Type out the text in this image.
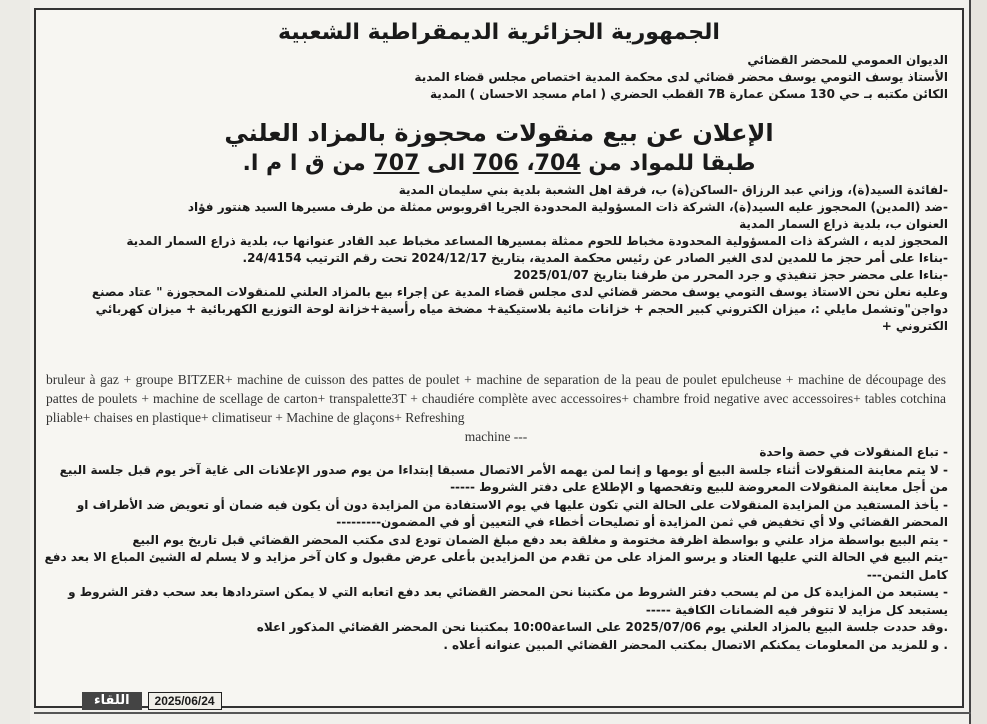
الجمهورية الجزائرية الديمقراطية الشعبية
الديوان العمومي للمحضر القضائي
الأستاذ يوسف التومي يوسف محضر قضائي لدى محكمة المدية اختصاص مجلس قضاء المدية
الكائن مكتبه بـ حي 130 مسكن عمارة 7B القطب الحضري ( امام مسجد الاحسان ) المدية
الإعلان عن بيع منقولات محجوزة بالمزاد العلني
طبقا للمواد من 704، 706 الى 707 من ق ا م ا.

-لفائدة السيد(ة)، وزاني عبد الرزاق -الساكن(ة) ب، فرقة اهل الشعبة بلدية بني سليمان المدية

-ضد (المدين) المحجوز عليه السيد(ة)، الشركة ذات المسؤولية المحدودة الجريا اقروبوس ممثلة من طرف مسيرها السيد هنتور فؤاد

العنوان ب، بلدية ذراع السمار المدية

المحجوز لديه ، الشركة ذات المسؤولية المحدودة مخباط للحوم ممثلة بمسيرها المساعد مخباط عبد القادر عنوانها ب، بلدية ذراع السمار المدية

-بناءا على أمر حجز ما للمدين لدى الغير الصادر عن رئيس محكمة المدية، بتاريخ 2024/12/17 تحت رقم الترتيب 24/4154.

-بناءا على محضر حجز تنفيذي و جرد المحرر من طرفنا بتاريخ 2025/01/07

وعليه نعلن نحن الاستاذ يوسف التومي يوسف محضر قضائي لدى مجلس قضاء المدية عن إجراء بيع بالمزاد العلني للمنقولات المحجوزة " عتاد مصنع دواجن"وتشمل مايلي :، ميزان الكتروني كبير الحجم + خزانات مائية بلاستيكية+ مضخة مياه رأسية+خزانة لوحة التوزيع الكهربائية + ميزان كهربائي الكتروني +

bruleur à gaz + groupe BITZER+ machine de cuisson des pattes de poulet + machine de separation de la peau de poulet epulcheuse + machine de découpage des pattes de poulets + machine de scellage de carton+ transpalette3T + chaudiére complète avec accessoires+ chambre froid negative avec accessoires+ tables cotchina pliable+ chaises en plastique+ climatiseur + Machine de glaçons+ Refreshing
machine ---

- تباع المنقولات في حصة واحدة

- لا يتم معاينة المنقولات أثناء جلسة البيع أو يومها و إنما لمن يهمه الأمر الاتصال مسبقا إبتداءا من يوم صدور الإعلانات الى غاية آخر يوم قبل جلسة البيع من أجل معاينة المنقولات المعروضة للبيع وتفحصها و الإطلاع على دفتر الشروط -----

- يأخذ المستفيد من المزايدة المنقولات على الحالة التي تكون عليها في يوم الاستفادة من المزايدة دون أن يكون فيه ضمان أو تعويض ضد الأطراف او المحضر القضائي ولا أي تخفيض في ثمن المزايدة أو تصليحات أخطاء في التعيين أو في المضمون---------

- يتم البيع بواسطة مزاد علني و بواسطة اظرفة مختومة و مغلقة بعد دفع مبلغ الضمان تودع لدى مكتب المحضر القضائي قبل تاريخ يوم البيع

-يتم البيع في الحالة التي عليها العتاد و يرسو المزاد على من تقدم من المزايدين بأعلى عرض مقبول و كان آخر مزايد و لا يسلم له الشيئ المباع الا بعد دفع كامل الثمن---

- يستبعد من المزايدة كل من لم يسحب دفتر الشروط من مكتبنا نحن المحضر القضائي بعد دفع اتعابه التي لا يمكن استردادها بعد سحب دفتر الشروط و يستبعد كل مزايد لا تتوفر فيه الضمانات الكافية -----

.وقد حددت جلسة البيع بالمزاد العلني يوم 2025/07/06 على الساعة10:00 بمكتبنا نحن المحضر القضائي المذكور اعلاه

. و للمزيد من المعلومات يمكنكم الاتصال بمكتب المحضر القضائي المبين عنوانه أعلاه .

اللقاء	2025/06/24
